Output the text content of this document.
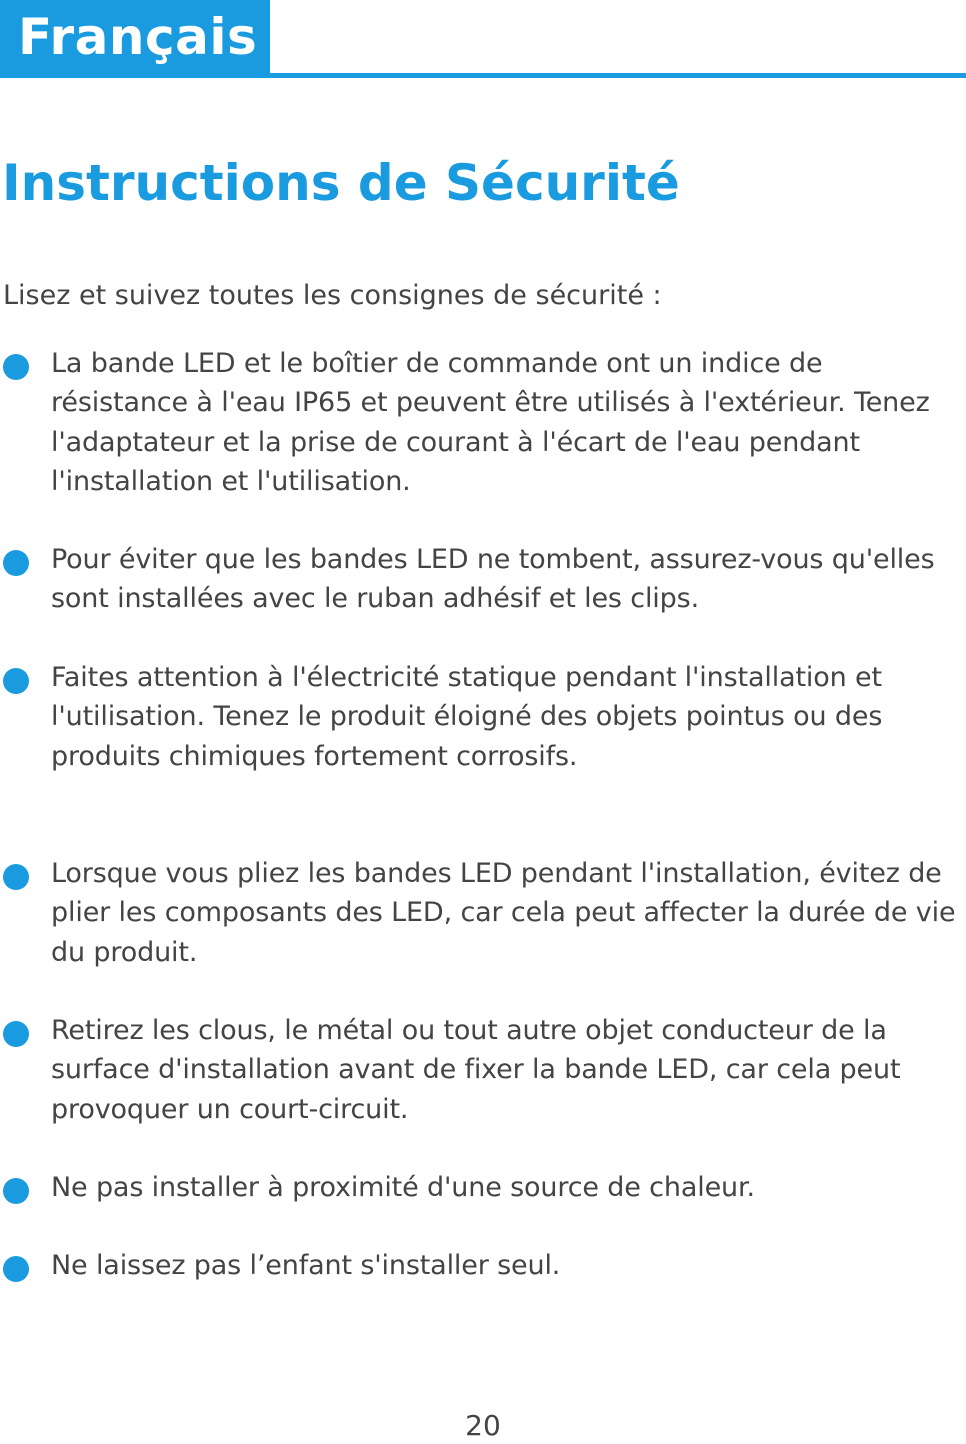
Français
Instructions de Sécurité

Lisez et suivez toutes les consignes de sécurité :

La bande LED et le boîtier de commande ont un indice de résistance à l'eau IP65 et peuvent être utilisés à l'extérieur. Tenez l'adaptateur et la prise de courant à l'écart de l'eau pendant l'installation et l'utilisation.
Pour éviter que les bandes LED ne tombent, assurez-vous qu'elles sont installées avec le ruban adhésif et les clips.
Faites attention à l'électricité statique pendant l'installation et l'utilisation. Tenez le produit éloigné des objets pointus ou des produits chimiques fortement corrosifs.
Lorsque vous pliez les bandes LED pendant l'installation, évitez de plier les composants des LED, car cela peut affecter la durée de vie du produit.
Retirez les clous, le métal ou tout autre objet conducteur de la surface d'installation avant de fixer la bande LED, car cela peut provoquer un court-circuit.
Ne pas installer à proximité d'une source de chaleur.
Ne laissez pas l’enfant s'installer seul.
20
